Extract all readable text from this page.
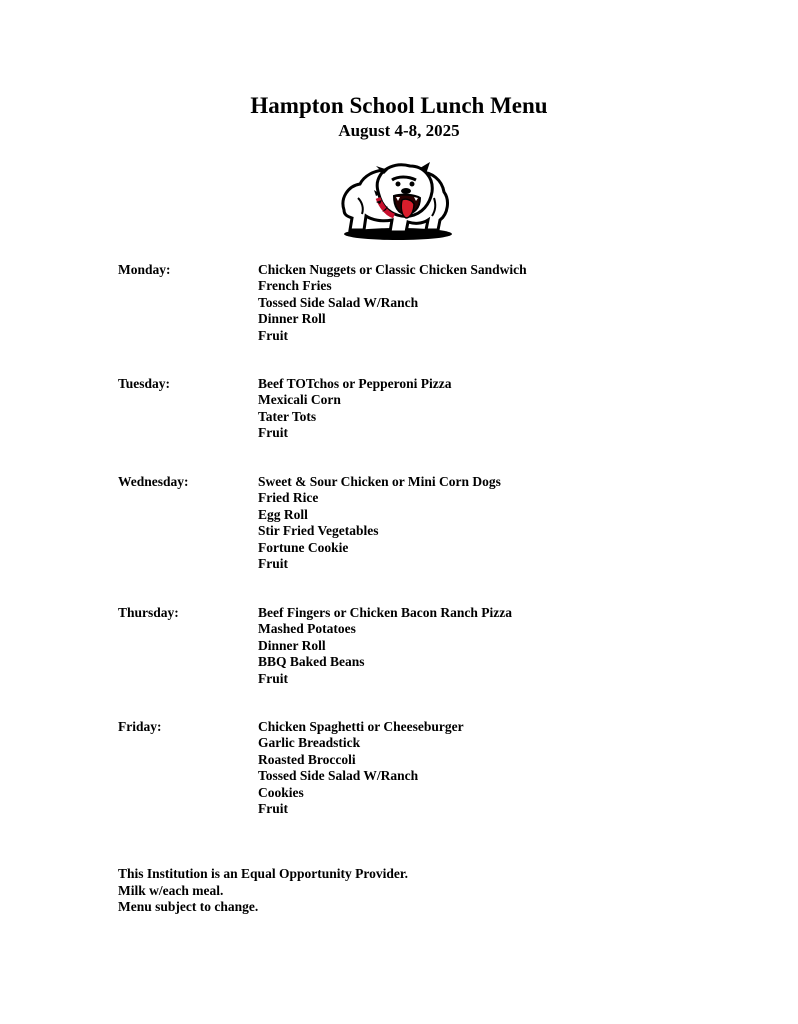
Hampton School Lunch Menu
August 4-8, 2025
Monday:	Chicken Nuggets or Classic Chicken Sandwich
French Fries
Tossed Side Salad W/Ranch
Dinner Roll
Fruit
Tuesday:	Beef TOTchos or Pepperoni Pizza
Mexicali Corn
Tater Tots
Fruit
Wednesday:	Sweet & Sour Chicken or Mini Corn Dogs
Fried Rice
Egg Roll
Stir Fried Vegetables
Fortune Cookie
Fruit
Thursday:	Beef Fingers or Chicken Bacon Ranch Pizza
Mashed Potatoes
Dinner Roll
BBQ Baked Beans
Fruit
Friday:	Chicken Spaghetti or Cheeseburger
Garlic Breadstick
Roasted Broccoli
Tossed Side Salad W/Ranch
Cookies
Fruit
This Institution is an Equal Opportunity Provider.
Milk w/each meal.
Menu subject to change.
